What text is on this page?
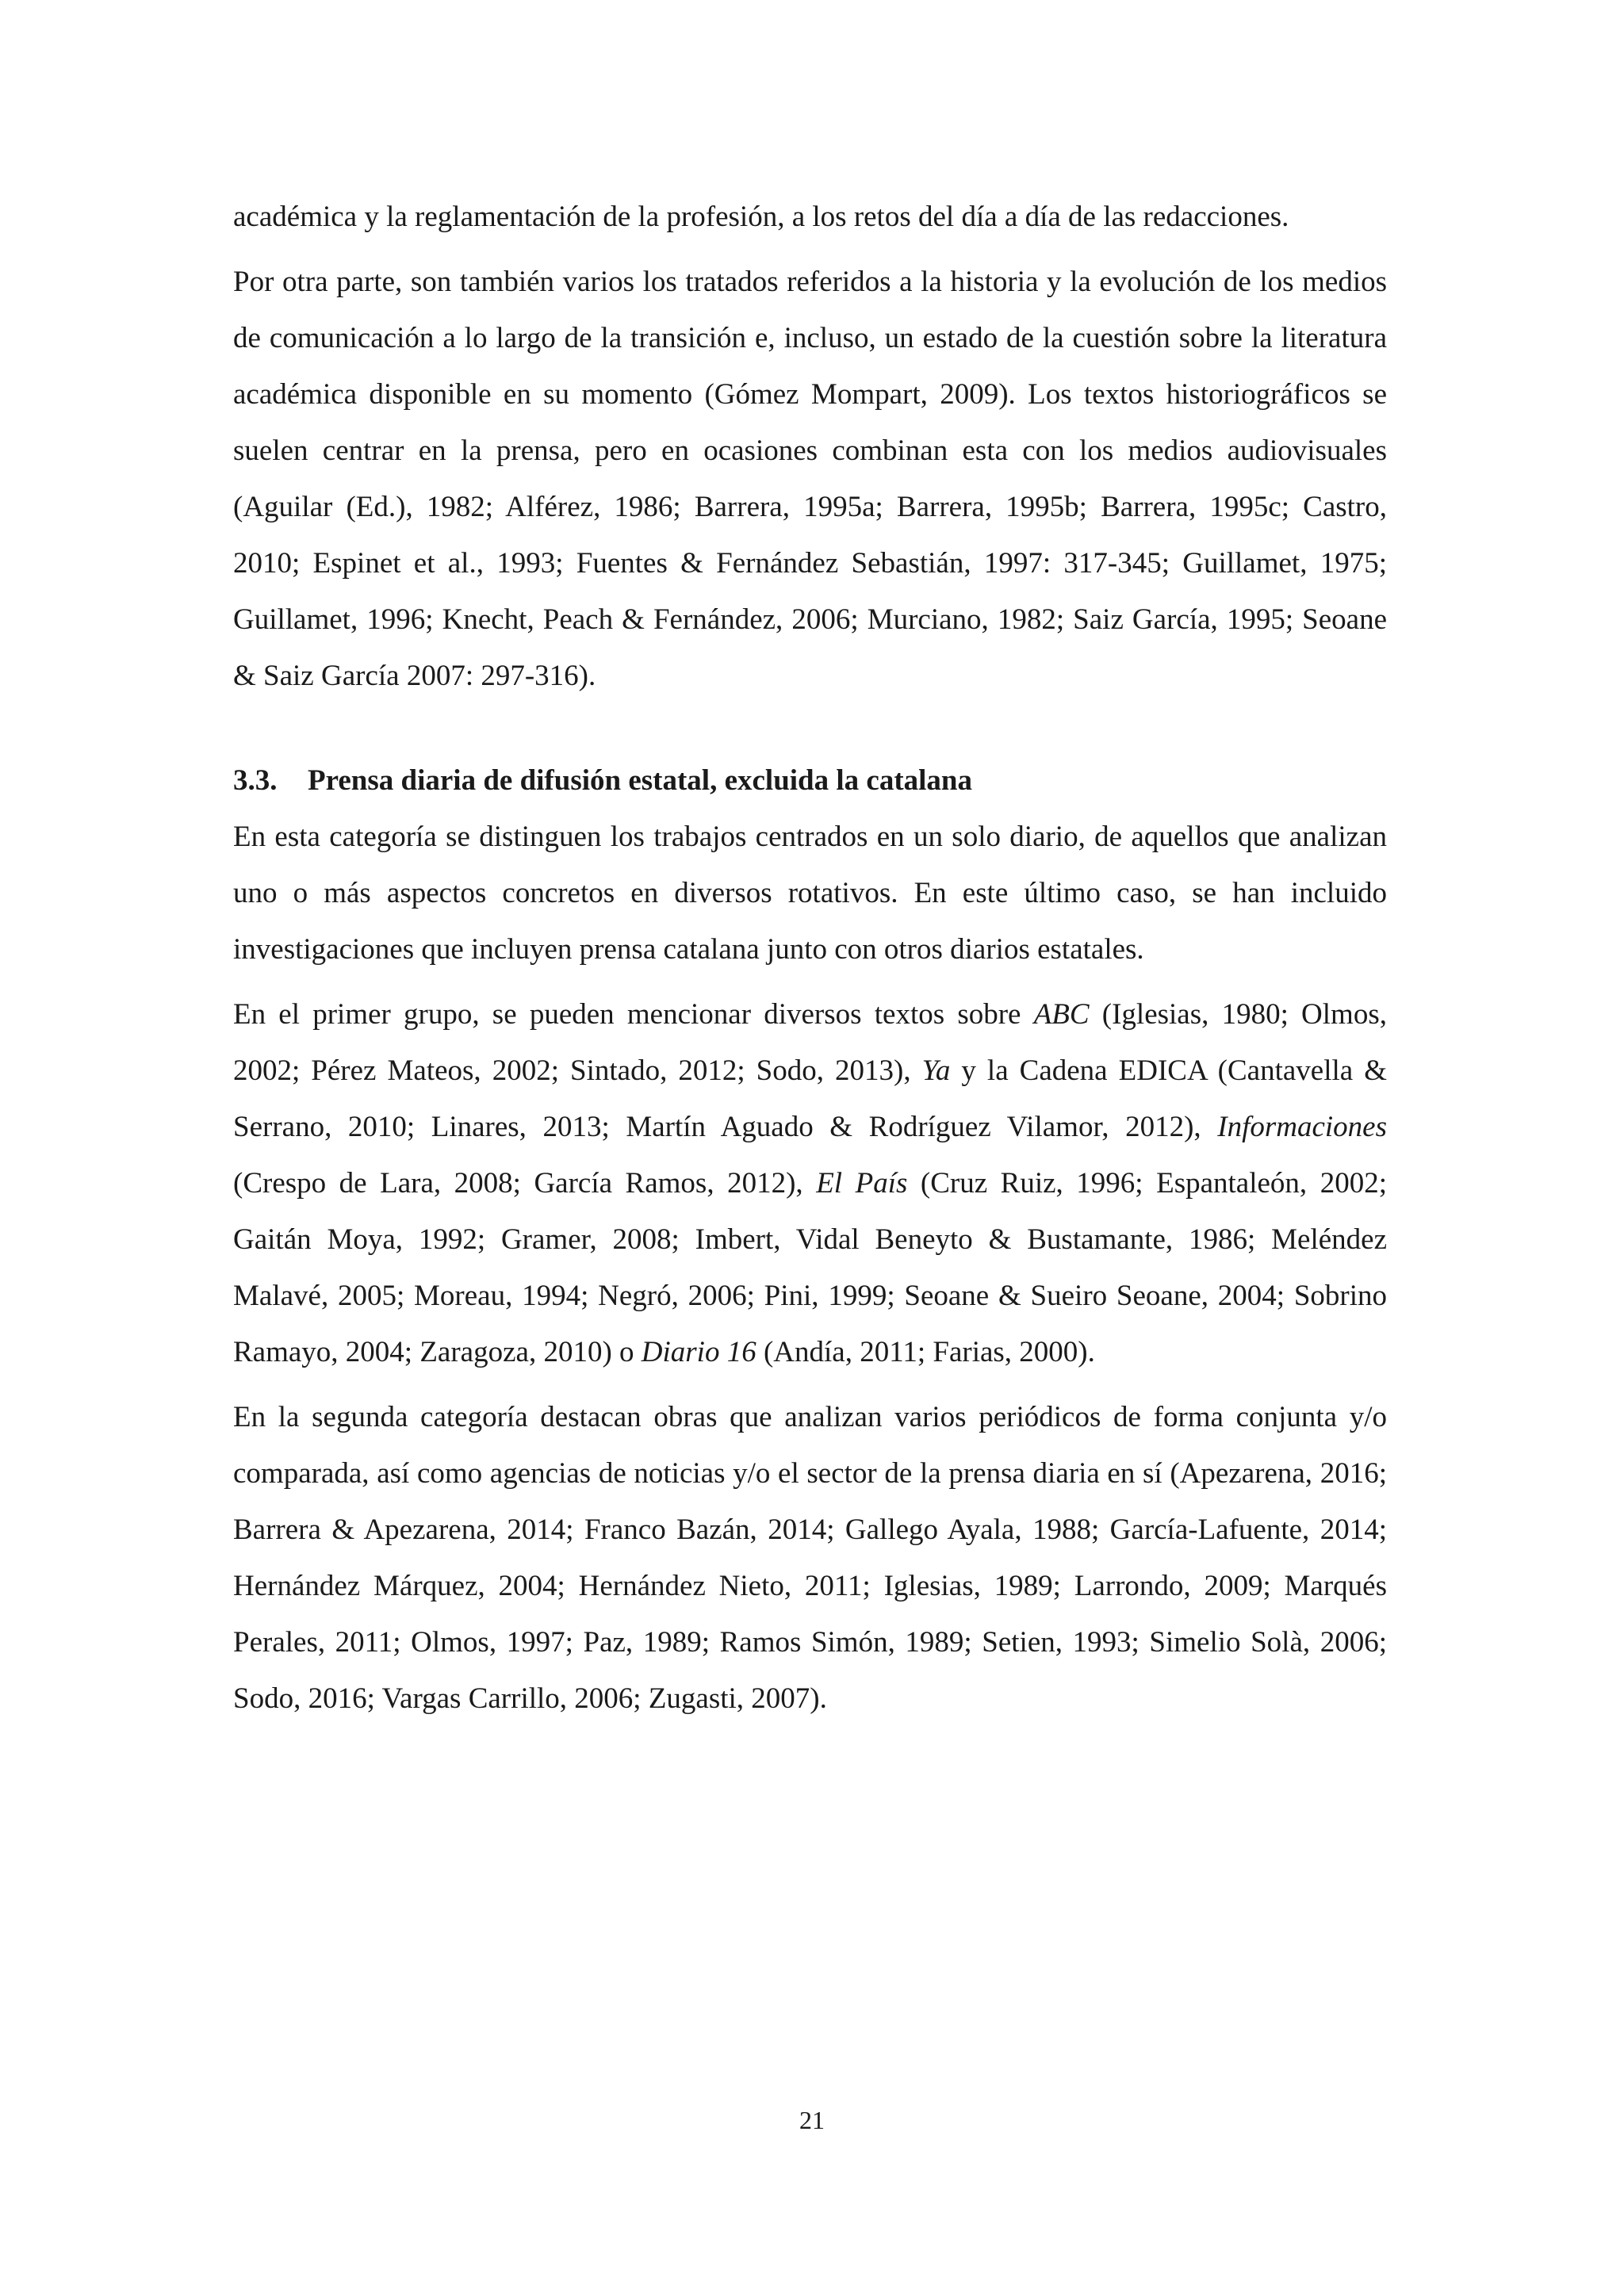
académica y la reglamentación de la profesión, a los retos del día a día de las redacciones.

Por otra parte, son también varios los tratados referidos a la historia y la evolución de los medios de comunicación a lo largo de la transición e, incluso, un estado de la cuestión sobre la literatura académica disponible en su momento (Gómez Mompart, 2009). Los textos historiográficos se suelen centrar en la prensa, pero en ocasiones combinan esta con los medios audiovisuales (Aguilar (Ed.), 1982; Alférez, 1986; Barrera, 1995a; Barrera, 1995b; Barrera, 1995c; Castro, 2010; Espinet et al., 1993; Fuentes & Fernández Sebastián, 1997: 317-345; Guillamet, 1975; Guillamet, 1996; Knecht, Peach & Fernández, 2006; Murciano, 1982; Saiz García, 1995; Seoane & Saiz García 2007: 297-316).

3.3. Prensa diaria de difusión estatal, excluida la catalana

En esta categoría se distinguen los trabajos centrados en un solo diario, de aquellos que analizan uno o más aspectos concretos en diversos rotativos. En este último caso, se han incluido investigaciones que incluyen prensa catalana junto con otros diarios estatales.

En el primer grupo, se pueden mencionar diversos textos sobre ABC (Iglesias, 1980; Olmos, 2002; Pérez Mateos, 2002; Sintado, 2012; Sodo, 2013), Ya y la Cadena EDICA (Cantavella & Serrano, 2010; Linares, 2013; Martín Aguado & Rodríguez Vilamor, 2012), Informaciones (Crespo de Lara, 2008; García Ramos, 2012), El País (Cruz Ruiz, 1996; Espantaleón, 2002; Gaitán Moya, 1992; Gramer, 2008; Imbert, Vidal Beneyto & Bustamante, 1986; Meléndez Malavé, 2005; Moreau, 1994; Negró, 2006; Pini, 1999; Seoane & Sueiro Seoane, 2004; Sobrino Ramayo, 2004; Zaragoza, 2010) o Diario 16 (Andía, 2011; Farias, 2000).

En la segunda categoría destacan obras que analizan varios periódicos de forma conjunta y/o comparada, así como agencias de noticias y/o el sector de la prensa diaria en sí (Apezarena, 2016; Barrera & Apezarena, 2014; Franco Bazán, 2014; Gallego Ayala, 1988; García-Lafuente, 2014; Hernández Márquez, 2004; Hernández Nieto, 2011; Iglesias, 1989; Larrondo, 2009; Marqués Perales, 2011; Olmos, 1997; Paz, 1989; Ramos Simón, 1989; Setien, 1993; Simelio Solà, 2006; Sodo, 2016; Vargas Carrillo, 2006; Zugasti, 2007).

21
